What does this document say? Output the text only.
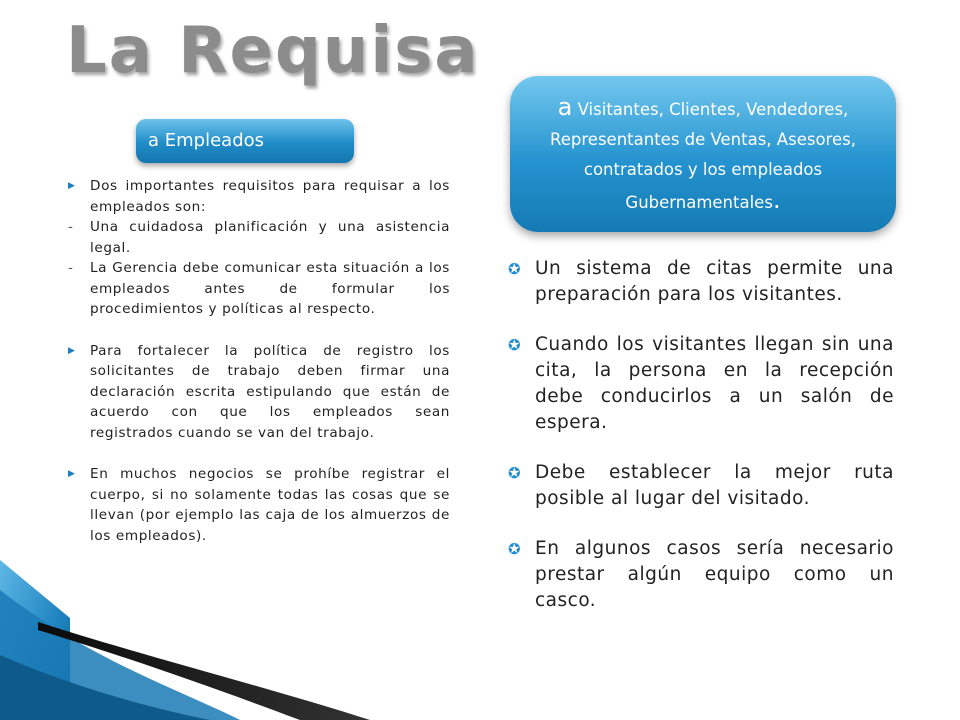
La Requisa
a Empleados
a Visitantes, Clientes, Vendedores, Representantes de Ventas, Asesores, contratados y los empleados Gubernamentales.

▶ Dos importantes requisitos para requisar a los empleados son:

- Una cuidadosa planificación y una asistencia legal.

- La Gerencia debe comunicar esta situación a los empleados antes de formular los procedimientos y políticas al respecto.

▶ Para fortalecer la política de registro los solicitantes de trabajo deben firmar una declaración escrita estipulando que están de acuerdo con que los empleados sean registrados cuando se van del trabajo.

▶ En muchos negocios se prohíbe registrar el cuerpo, si no solamente todas las cosas que se llevan (por ejemplo las caja de los almuerzos de los empleados).

✪ Un sistema de citas permite una preparación para los visitantes.

✪ Cuando los visitantes llegan sin una cita, la persona en la recepción debe conducirlos a un salón de espera.

✪ Debe establecer la mejor ruta posible al lugar del visitado.

✪ En algunos casos sería necesario prestar algún equipo como un casco.
